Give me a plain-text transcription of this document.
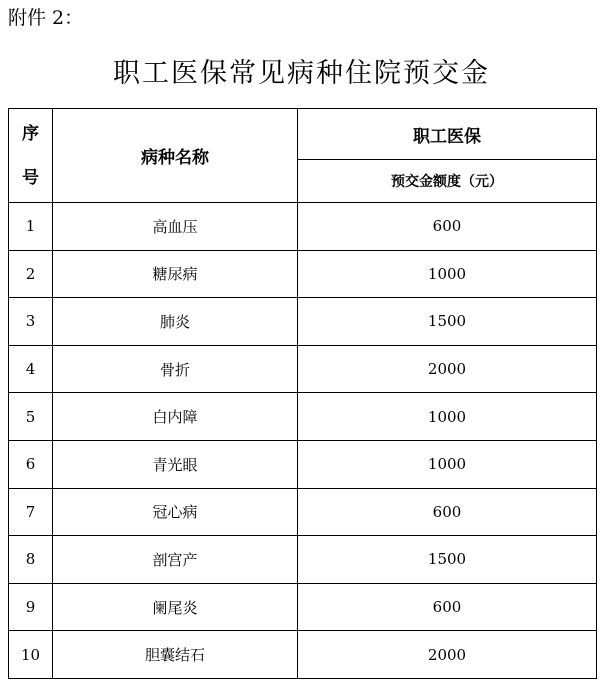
附件 2：
职工医保常见病种住院预交金
序
号	病种名称	职工医保
		预交金额度（元）
1	高血压	600
2	糖尿病	1000
3	肺炎	1500
4	骨折	2000
5	白内障	1000
6	青光眼	1000
7	冠心病	600
8	剖宫产	1500
9	阑尾炎	600
10	胆囊结石	2000
